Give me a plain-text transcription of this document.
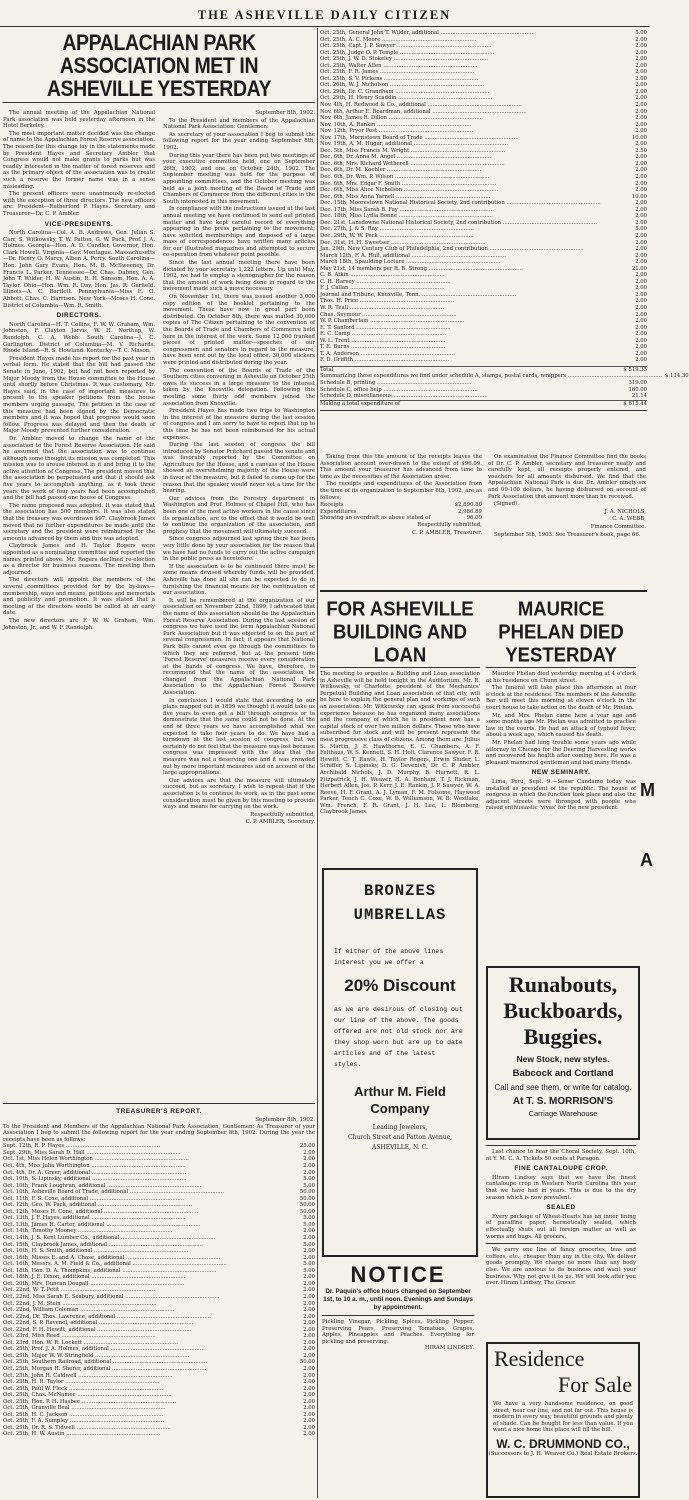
THE ASHEVILLE DAILY CITIZEN
APPALACHIAN PARK ASSOCIATION MET IN ASHEVILLE YESTERDAY

The annual meeting of the Appalachian National Park association was held yesterday afternoon in the Hotel Berkeley.

The most important matter decided was the change of name to the Appalachian Forest Reserve association. The reason for this change lay in the statements made by President Hayes and Secretary Ambler that Congress would not make grants to parks but was readily interested in the matter of forest reserves and as the primary object of the association was to create such a reserve the former name was in a sense misleading.

The present officers were unanimously re-elected with the exception of three directors. The new officers are: President—Rutherford P. Hayes. Secretary and Treasurer—Dr. C. P. Ambler.

VICE-PRESIDENTS.

North Carolina—Col. A. B. Andrews, Gen. Julian S. Carr, S. Witkowsky, T. W. Patton, G. W. Pack, Prof. J. A. Holmes. Georgia—Hon. A. D. Candler, Governor, Hon. Clark Howell. Virginia—Gov. Montague. Massachusetts—Dr. Henry O. Marcy, Albon A. Perry. South Carolina—Hon. John Gary Evans, Hon. M. B. McSweeney, Dr. Francis L. Parker. Tennessee—Dr. Chas. Dabney, Gen. John T. Wilder, H. W. Austin, R. H. Sansom, Hon. A. A. Taylor. Ohio—Hon. Wm. R. Day, Hon. Jas. R. Garfield. Illinois—A. C. Bartlett. Pennsylvania—Miss E. O. Abbott, Chas. C. Harrison. New York—Moses H. Cone. District of Columbia—Wm. R. Smith.

DIRECTORS.

North Carolina—H. T. Collins, F. W. W. Graham, Wm. Johnston, F. Clayton Jarvis, W. H. Northup, W. Randolph, C. A. Webb. South Carolina—J. C. Garlington. District of Columbia—M. V. Richards. Rhode Island—R. S. Howland. Kentucky—T. C. Mason.

President Hayes made his report for the past year in verbal form. He stated that the bill had passed the Senate in June, 1902, but had not been reported by Major Moody from the House committee to the House until shortly before Christmas. It was customary, Mr. Hayes said, in the case of important measures to present to the speaker petitions from the house members urging passage. The petition in the case of this measure had been signed by the Democratic members and it was hoped that progress would soon follow. Progress was delayed and then the death of Major Moody prevented further consideration.

Dr. Ambler moved to change the name of the association to the Forest Reserve Association. He said he assumed that the association was to continue although some thought its mission was completed. This mission was to arouse interest in it and bring it to the active attention of Congress. The president moved that the association be perpetuated and that it should ask five years to accomplish anything, as it took three years the work of four years had been accomplished and the bill had passed one house of Congress.

The name proposed was adopted. It was stated that the association has 500 members. It was also stated that the treasury was overdrawn $97. Claybrook James moved that no further expenditures be made until the secretary and the president were reimbursed for the amounts advanced by them and this was adopted.

Claybrook James and H. Taylor Rogers were appointed as a nominating committee and reported the names printed above. Mr. Rogers declined re-election as a director for business reasons. The meeting then adjourned.

The directors will appoint the members of the several committees provided for by the by-laws—membership, ways and means, petitions and memorials and publicity and promotion. It was stated that a meeting of the directors would be called at an early date.

The new directors are F. W. W. Graham, Wm. Johnston, Jr., and W. F. Randolph.

September 8th, 1902.

To the President and members of the Appalachian National Park Association: Gentlemen:

As secretary of your association I beg to submit the following report for the year ending September 8th, 1902.

During this year there has been put two meetings of your executive committee held, one on September 26th, 1902, and one on October 24th, 1902. The September meeting was held for the purpose of appointing committees, and the October meeting was held as a joint meeting of the Board of Trade and Chambers of Commerce from the different cities in the South interested in this movement.

In compliance with the instructions issued at the last annual meeting we have continued to send out printed matter and have kept careful record of everything appearing in the press pertaining to the movement; have solicited memberships and disposed of a large mass of correspondence; have written many articles for our illustrated magazines and attempted to secure co-operation from whatever point possible.

Since the last annual meeting there have been dictated by your secretary 1,222 letters. Up until May, 1902, we had to employ a stenographer for the reason that the amount of work being done in regard to the movement made such a move necessary.

On November 1st, there was issued another 3,000 copy edition of the booklet pertaining to the movement. These have now in great part been distributed. On October 8th, there was mailed 30,000 copies of The Citizen pertaining to the convention of the Boards of Trade and Chambers of Commerce held here in the interest of the work. Some 12,000 franked pieces of printed matter—speeches of our congressmen and senators in regard to the measure, have been sent out by the local office. 30,000 stickers were printed and distributed during the year.

The convention of the Boards of Trade of the Southern cities convening in Asheville on October 25th owes its success in a large measure to the interest taken by the Knoxville delegation. Following this meeting some thirty odd members joined the association from Knoxville.

President Hayes has made two trips to Washington in the interest of the measure during the last session of congress and I am sorry to have to report that up to this time he has not been reimbursed for his actual expenses.

During the last session of congress the bill introduced by Senator Pritchard passed the senate and was favorably reported by the Committee on Agriculture for the House, and a canvass of the House showed an overwhelming majority of the House were in favor of the measure, but it failed to come up for the reason that the speaker would never set a time for the hearing.

Our advices from the Forestry department in Washington and Prof. Holmes of Chapel Hill, who has been one of the most active workers in the cause since its organization, are to the effect that it would be well to continue the organization of the association, and prophesy that the movement will ultimately succeed.

Since congress adjourned last spring there has been very little done by your association for the reason that we have had no funds to carry out the active campaign in the public press as heretofore.

If the association is to be continued there must be some means devised whereby funds will be provided. Asheville has done all she can be expected to do in furnishing the financial means for the continuation of our association.

It will be remembered at the organization of our association on November 22nd, 1899, I advocated that the name of this association should be the Appalachian Forest Reserve Association. During the last session of congress we have used the term Appalachian National Park Association but it was objected to on the part of several congressmen. In fact, it appears that National Park bills cannot even go through the committees to which they are referred, but at the present time 'Forest Reserve' measures receive every consideration at the hands of congress. We have, therefore, to recommend that the name of the association be changed from the Appalachian National Park Association to the Appalachian Forest Reserve Association.

In conclusion I would state that according to our plans mapped out in 1899 we thought it would take us five years to even get a bill through congress or to demonstrate that the same could not be done. At the end of three years we have accomplished what we expected to take four years to do. We have had a turndown at the last session of congress, but we certainly do not feel that the measure was lost because congress was impressed with the idea that the measure was not a deserving one and it was crowded out by more important measures and on account of the large appropriations.

Our advices are that the measure will ultimately succeed, but as secretary, I wish to repeat that if the association is to continue its work, as in the past some consideration must be given by this meeting to provide ways and means for carrying on the work.

Respectfully submitted,

C. P. AMBLER, Secretary.

TREASURER'S REPORT.
September 8th, 1902.
To the President and Members of the Appalachian National Park Association, Gentlemen: As Treasurer of your Association I beg to submit the following report for the year ending September 8th, 1902. During the year the receipts have been as follows:
Sept. 12th, R. P. Hayes ........................................................	25.00
Sept. 29th, Miss Sarah D. Hall ........................................................	2.00
Oct. 1st, Miss Helen Worthington ........................................................	2.00
Oct. 4th, Miss Julia Worthington ........................................................	2.00
Oct. 4th, Dr. A. Greer, additional ........................................................	2.00
Oct. 10th, S. Lipinsky, additional ........................................................	5.00
Oct. 10th, Frank Loughran, additional ........................................................	5.00
Oct. 10th, Asheville Board of Trade, additional ........................................................	50.00
Oct. 11th, F. S. Coxe, additional ........................................................	50.00
Oct. 12th, Geo. W. Pack, additional ........................................................	50.00
Oct. 12th, Moses H. Cone, additional ........................................................	50.00
Oct. 13th, J. F. Hayes, additional ........................................................	5.00
Oct. 13th, James H. Carter, additional ........................................................	5.00
Oct. 14th, Timothy Mooney ........................................................	2.00
Oct. 14th, J. S. Kent Lumber Co., additional ........................................................	2.00
Oct. 15th, Claybrook James, additional ........................................................	5.00
Oct. 16th, H. S. Smith, additional ........................................................	2.00
Oct. 16th, Misses E. and A. Chase, additional ........................................................	2.00
Oct. 16th, Messrs. A. M. Field & Co., additional ........................................................	5.00
Oct. 18th, Hon. D. A. Thompkins, additional ........................................................	5.00
Oct. 18th, J. E. Dixon, additional ........................................................	2.00
Oct. 20th, Mrs. Duncan Dougall ........................................................	2.00
Oct. 22nd, W. T. Petit ........................................................	2.00
Oct. 22nd, Miss Sarah E. Seabury, additional ........................................................	2.00
Oct. 22nd, J. M. Stein ........................................................	2.00
Oct. 22nd, William Coleman ........................................................	2.00
Oct. 22nd, Dr. Thos. Lawrence, additional ........................................................	2.00
Oct. 22nd, S. P. Ravenel, additional ........................................................	2.00
Oct. 22nd, F. H. Hewitt, additional ........................................................	2.00
Oct. 23rd, Miss Reed ........................................................	2.00
Oct. 23rd, Hon. W. R. Lockett ........................................................	2.00
Oct. 25th, Prof. J. A. Holmes, additional ........................................................	2.00
Oct. 25th, Major W. W. Stringfield ........................................................	2.00
Oct. 25th, Southern Railroad, additional ........................................................	50.00
Oct. 25th, Morgan H. Sherer, additional ........................................................	2.00
Oct. 25th, John H. Caldwell ........................................................	2.00
Oct. 25th, H. R. Taylor ........................................................	2.00
Oct. 25th, Paul W. Fleck ........................................................	2.00
Oct. 25th, Chas. McNamee ........................................................	2.00
Oct. 25th, Hon. P. H. Hasbee ........................................................	2.00
Oct. 25th, Granville Beal ........................................................	2.00
Oct. 25th, H. C. Jackson ........................................................	2.00
Oct. 25th, F. A. Sumpley ........................................................	2.00
Oct. 25th, Dr. R. S. Tidwell ........................................................	2.00
Oct. 25th, H. W. Austin ........................................................	2.00
Oct. 25th, General John T. Wilder, additional ........................................................	5.00
Oct. 25th, A. C. Moore ........................................................	2.00
Oct. 25th, Capt. J. P. Sawyer ........................................................	2.00
Oct. 25th, Judge O. P. Temple ........................................................	2.00
Oct. 25th, J. W. D. Stokeley ........................................................	2.00
Oct. 25th, Walter Allen ........................................................	2.00
Oct. 25th, F. R. James ........................................................	2.00
Oct. 25th, S. V. Pickens ........................................................	2.00
Oct. 26th, W. J. Nicholson ........................................................	2.00
Oct. 29th, Dr. C. Grandham ........................................................	2.00
Oct. 29th, H. Henry Scaddin ........................................................	2.00
Nov. 4th, H. Redwood & Co., additional ........................................................	2.00
Nov. 6th, Arthur E. Boardman, additional ........................................................	2.00
Nov. 6th, James R. Dillon ........................................................	2.00
Nov. 10th, A. Rankin ........................................................	2.00
Nov. 12th, Pryor Post ........................................................	2.00
Nov. 17th, Morristown Board of Trade ........................................................	10.00
Nov. 19th, A. M. Hugar, additional ........................................................	2.00
Dec. 5th, Miss Francis M. Wright ........................................................	2.50
Dec. 6th, Dr. Anna M. Angel ........................................................	2.00
Dec. 6th, Mrs. Richard Wetherell ........................................................	2.00
Dec. 6th, Dr. M. Koehler ........................................................	2.00
Dec. 6th, Dr. Wm. P. Wilson ........................................................	2.00
Dec. 6th, Mrs. Edgar F. Smith ........................................................	2.00
Dec. 6th, Miss Alice Nicholson ........................................................	2.00
Dec. 6th, Miss Anna Yarnell ........................................................	10.00
Dec. 15th, Moorestown National Historical Society, 2nd contribution ........................................................	2.00
Dec. 17th, Miss Sarah B. Fay ........................................................	2.00
Dec. 18th, Miss Lydia Bonne ........................................................	2.00
Dec. 21st, Lansdowne National Historical Society, 2nd contribution ........................................................	2.00
Dec. 27th, J. & S. Ray ........................................................	5.00
Dec. 29th, W. W. Peck ........................................................	2.00
Dec. 31st, H. H. Sweetser ........................................................	2.00
Jan. 29th, New Century Club of Philadelphia, 2nd contribution ........................................................	2.00
March 12th, F. A. Hull, additional ........................................................	2.00
March 18th, Spaulding Lecture ........................................................	2.00
May 21st, 14 members per R. B. Strong ........................................................	21.00
C. B. Atkin ........................................................	2.00
C. H. Harvey ........................................................	2.00
F. J. Callan ........................................................	2.00
Journal and Tribune, Knoxville, Tenn. ........................................................	2.00
Thos. H. Price ........................................................	2.00
W. R. Teall ........................................................	2.00
Chas. Seymour ........................................................	2.00
W. P. Chamberlain ........................................................	2.00
E. T. Sanford ........................................................	2.00
E. C. Camp ........................................................	2.00
W. L. Trent ........................................................	2.00
T. E. Burns ........................................................	2.00
T. A. Anderson ........................................................	2.00
F. D. Griffith ........................................................	2.00
Total	$ 519.35
Summarizing these expenditures we find under schedule A, stamps, postal cards, wrappers ........................................................ $ 114.30
Schedule B, printing ........................................................	319.00
Schedule C, office help ........................................................	160.00
Schedule D, miscellaneous ........................................................	21.14
Making a total expenditure of	$ 615.44

Taking from this the amount of the receipts leaves the Association account over-drawn to the extent of $96.09. This amount your treasurer has advanced from time to time as the necessities of the Association arose.

The receipts and expenditures of the Association from the time of its organization to September 8th, 1902, are as follows:

Receipts	$2,890.80
Expenditures	2,986.89
Showing an overdraft as above stated of	96.09

Respectfully submitted,

C. P. AMBLER, Treasurer.

On examination the Finance Committee find the books of Dr. C. P. Ambler, secretary and treasurer neatly and carefully kept, all receipts properly entered, and vouchers for all amounts disbursed. We find that the Appalachian National Park is due Dr. Ambler ninety-six and 09-100 dollars, he having disbursed on account of Park Association that amount more than he received.

(Signed)

J. A. NICHOLS,

C. A. WEBB,

Finance Committee.

September 5th, 1903. See Treasurer's book, page 66.

FOR ASHEVILLE BUILDING AND LOAN
The meeting to organize a Building and Loan association in Asheville will be held tonight in the Auditorium. Mr. R. Witkowsky, of Charlotte, president of the Mechanics' Perpetual Building and Loan association of that city, will be here to explain the general plan and workings of such an association. Mr. Witkowsky can speak from successful experience because he has organized many associations and the company of which he is president now has a capital stock of over two million dollars. Those who have subscribed for stock and will be present represent the most progressive class of citizens. Among them are: Julius S. Martin, J. E. Hawthorne, E. C. Chambers, A. F. Felthaus, W. S. Kennett, S. H. Holt, Clarence Sawyer, F. R. Hewitt, C. T. Rawls, H. Taylor Rogers, Erwin Sluder, L. Schiffer, S. Lipinsky, D. G. Devenish, Dr. C. P. Ambler, Archibald Nichols, J. D. Murphy, B. Hurnett, R. L. Fitzpatrick, J. H. Weaver, H. A. Bonham, T. J. Rickman, Herbert Allen, Jos. P. Kerr, J. E. Rankin, J. P. Sawyer, W. A. Reeve, H. F. Grant, A. J. Lyman, F. M. Folsome, Haywood Parker, Tench C. Coxe, W. B. Williamson, W. B. Westlake, Wm. French, F. R. Grant, J. H. Lee, L. Blomberg, Claybrook James.
MAURICE PHELAN DIED YESTERDAY

Maurice Phelan died yesterday morning at 4 o'clock at his residence on Chunn street.

The funeral will take place this afternoon at four o'clock at the residence. The members of the Asheville Bar will meet this morning at eleven o'clock in the court house to take action on the death of Mr. Phelan.

Mr. and Mrs. Phelan came here a year ago and some months ago Mr. Phelan was admitted to practice law in the courts. He had an attack of typhoid fever, about a week ago, which caused his death.

Mr. Phelan had lung trouble some years ago while attorney in Chicago for the Deering Harvesting works and recovered his health after coming here. He was a pleasant mannered gentleman and had many friends.

NEW SEMINARY.

Lima, Peru, Sept. 9.—Senor Candamo today was installed as president of the republic. The house of congress in which the function took place and also the adjacent streets were thronged with people who raised enthusiastic 'vivas' for the new president.

M
A
BRONZES
UMBRELLAS
If either of the above lines interest you we offer a
20% Discount
as we are desirous of closing out our line of the above. The goods offered are not old stock nor are they shop worn but are up to date articles and of the latest styles.
Arthur M. Field
Company
Leading Jewelers,
Church Street and Patton Avenue,
ASHEVILLE, N. C.
Runabouts,
Buckboards,
Buggies.
New Stock, new styles.
Babcock and Cortland
Call and see them, or write for catalog.
At T. S. MORRISON'S
Carriage Warehouse

Last chance to hear the Choral Society, Sept. 10th, at Y. M. C. A. Tickets 50 cents at Paragon.

FINE CANTALOUPE CROP.

Hiram Lindsey says that we have the finest cantaloupe crop in Western North Carolina this year that we have had in years. This is due to the dry season which is now prevalent.

SEALED

Every package of Wheat-Hearts has an inner lining of paraffine paper, hermetically sealed, which effectually shuts out all foreign matter as well as worms and bugs. All grocers.

We carry one line of fancy groceries, teas and coffees, etc., cheaper than any in the city. We deliver goods promptly. We charge no more than any body else. We are anxious to do business and want your business. Why not give it to us. We will look after you ever. Hiram Lindsey, The Grocer.

NOTICE
Dr. Paquin's office hours changed on September 1st, to 10 a. m., until noon. Evenings and Sundays by appointment.
Pickling Vinegar, Pickling Spices, Pickling Pepper, Preserving Pears, Preserving Tomatoes, Grapes, Apples, Pineapples and Peaches. Everything for pickling and preserving.
HIRAM LINDSEY. Residence
For Sale
We have a very handsome residence, on good street, near car line, and not far out. This house is modern in every way, beautiful grounds and plenty of shade. Can be bought for less than value. If you want a nice home this place will fill the bill.
W. C. DRUMMOND CO.,
(Successors to J. H. Weaver Co.) Real Estate Brokers.
